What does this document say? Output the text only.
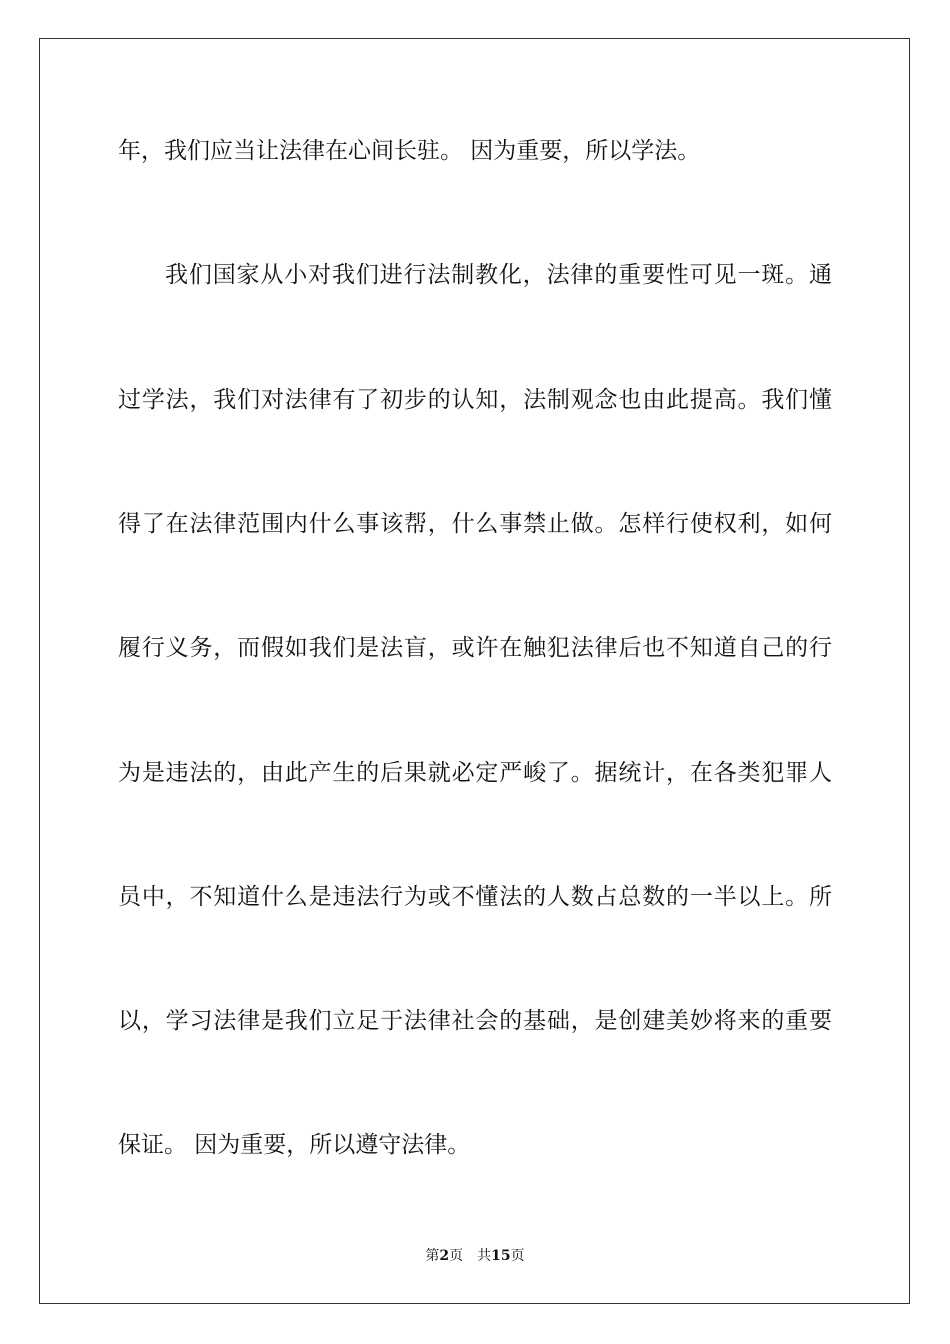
年，我们应当让法律在心间长驻。 因为重要，所以学法。
我们国家从小对我们进行法制教化，法律的重要性可见一斑。通
过学法，我们对法律有了初步的认知，法制观念也由此提高。我们懂
得了在法律范围内什么事该帮，什么事禁止做。怎样行使权利，如何
履行义务，而假如我们是法盲，或许在触犯法律后也不知道自己的行
为是违法的，由此产生的后果就必定严峻了。据统计，在各类犯罪人
员中，不知道什么是违法行为或不懂法的人数占总数的一半以上。所
以，学习法律是我们立足于法律社会的基础，是创建美妙将来的重要
保证。 因为重要，所以遵守法律。
第2页 共15页
